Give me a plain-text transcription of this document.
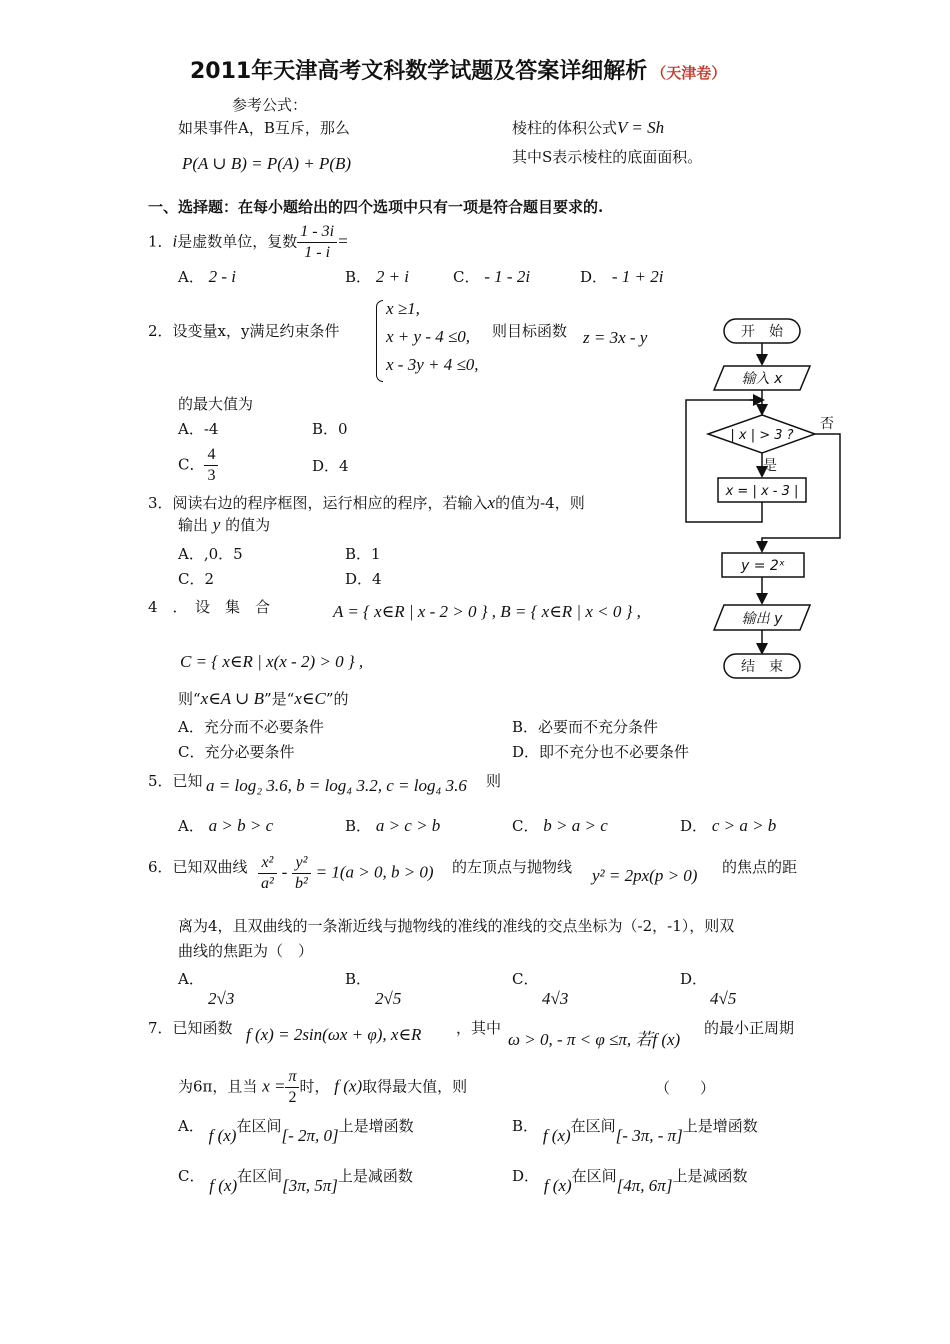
2011年天津高考文科数学试题及答案详细解析 （天津卷）
参考公式：
如果事件A，B互斥，那么
P(A ∪ B) = P(A) + P(B)
棱柱的体积公式V = Sh
其中S表示棱柱的底面面积。
一、选择题：在每小题给出的四个选项中只有一项是符合题目要求的.
1．i是虚数单位，复数 $\frac{1 - 3i}{1 - i}$ =
A． 2 - i	B． 2 + i	C． - 1 - 2i	D． - 1 + 2i
2．设变量x，y满足约束条件
x ≥1,
x + y - 4 ≤0,
x - 3y + 4 ≤0,
则目标函数 z = 3x - y
的最大值为
A．-4	B．0
C． $\frac{4}{3}$	D．4
3．阅读右边的程序框图，运行相应的程序，若输入x的值为-4，则
输出 y 的值为
A．,0．5	B．1
C．2	D．4
4　．　设　集　合	A = { x∈R | x - 2 > 0 } , B = { x∈R | x < 0 } ,
C = { x∈R | x(x - 2) > 0 } ,
则“x∈A ∪ B”是“x∈C”的
A．充分而不必要条件	B．必要而不充分条件
C．充分必要条件	D．即不充分也不必要条件
5．已知 a = log₂ 3.6, b = log₄ 3.2, c = log₄ 3.6 则
A． a > b > c	B． a > c > b	C． b > a > c	D． c > a > b
6．已知双曲线 $\frac{\text{x²}}{\text{a²}} - \frac{\text{y²}}{\text{b²}} = 1(a > 0$, b > 0) 的左顶点与抛物线 y² = 2px(p > 0) 的焦点的距
离为4，且双曲线的一条渐近线与抛物线的准线的准线的交点坐标为（-2，-1），则双
曲线的焦距为（　）
A．
2√3
B．
2√5
C．
4√3
D．
4√5
7．已知函数 f (x) = 2sin(ωx + φ), x∈R ，其中
ω > 0, - π < φ ≤π, 若f (x)
的最小正周期
为6π，且当 $x = \frac{\pi}{2}$ 时， f (x)取得最大值，则	（　　）
A． f (x)在区间[- 2π, 0]上是增函数	B． f (x)在区间[- 3π, - π]上是增函数
C． f (x)在区间[3π, 5π]上是减函数	D． f (x)在区间[4π, 6π]上是减函数
开　始
输入 x
| x | > 3 ?
否
是
x = | x - 3 |
y = 2ˣ
输出 y
结　束
